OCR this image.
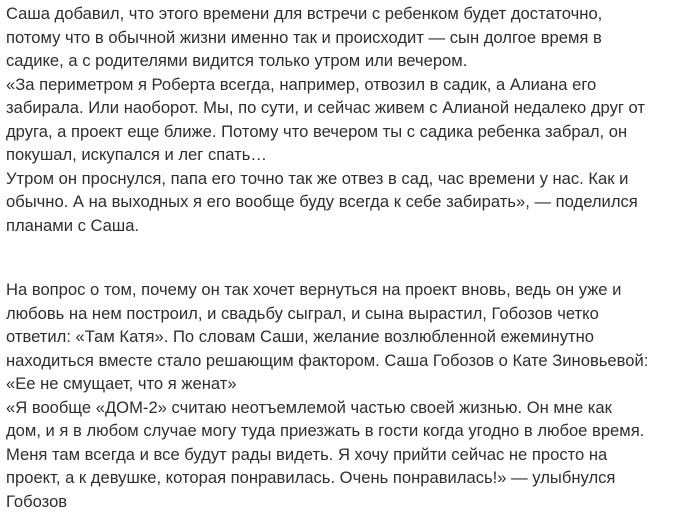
Саша добавил, что этого времени для встречи с ребенком будет достаточно,
потому что в обычной жизни именно так и происходит — сын долгое время в
садике, а с родителями видится только утром или вечером.
«За периметром я Роберта всегда, например, отвозил в садик, а Алиана его
забирала. Или наоборот. Мы, по сути, и сейчас живем с Алианой недалеко друг от
друга, а проект еще ближе. Потому что вечером ты с садика ребенка забрал, он
покушал, искупался и лег спать…
Утром он проснулся, папа его точно так же отвез в сад, час времени у нас. Как и
обычно. А на выходных я его вообще буду всегда к себе забирать», — поделился
планами с Саша.
На вопрос о том, почему он так хочет вернуться на проект вновь, ведь он уже и
любовь на нем построил, и свадьбу сыграл, и сына вырастил, Гобозов четко
ответил: «Там Катя». По словам Саши, желание возлюбленной ежеминутно
находиться вместе стало решающим фактором. Саша Гобозов о Кате Зиновьевой:
«Ее не смущает, что я женат»
«Я вообще «ДОМ-2» считаю неотъемлемой частью своей жизнью. Он мне как
дом, и я в любом случае могу туда приезжать в гости когда угодно в любое время.
Меня там всегда и все будут рады видеть. Я хочу прийти сейчас не просто на
проект, а к девушке, которая понравилась. Очень понравилась!» — улыбнулся
Гобозов
